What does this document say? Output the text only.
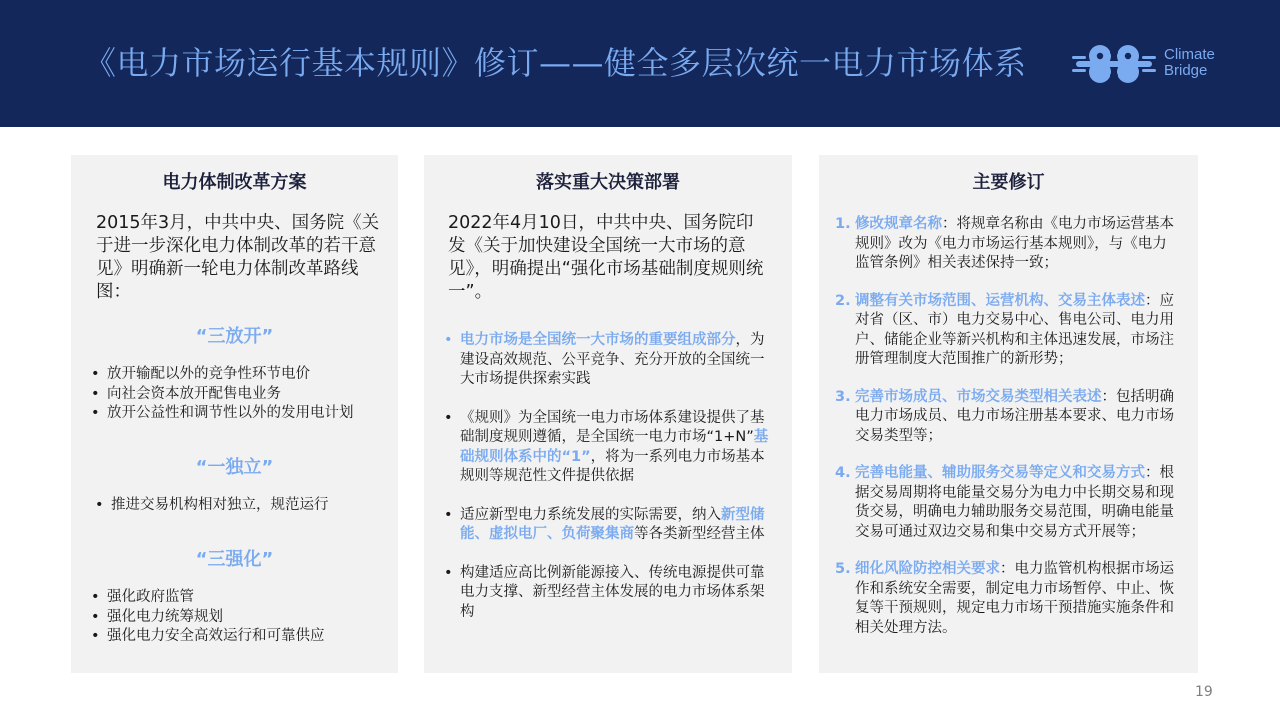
《电力市场运行基本规则》修订——健全多层次统一电力市场体系	Climate
Bridge
电力体制改革方案
2015年3月，中共中央、国务院《关于进一步深化电力体制改革的若干意见》明确新一轮电力体制改革路线图：
“三放开”
• 放开输配以外的竞争性环节电价
• 向社会资本放开配售电业务
• 放开公益性和调节性以外的发用电计划
“一独立”
• 推进交易机构相对独立，规范运行
“三强化”
• 强化政府监管
• 强化电力统筹规划
• 强化电力安全高效运行和可靠供应
落实重大决策部署
2022年4月10日，中共中央、国务院印发《关于加快建设全国统一大市场的意见》，明确提出“强化市场基础制度规则统一”。
• 电力市场是全国统一大市场的重要组成部分，为建设高效规范、公平竞争、充分开放的全国统一大市场提供探索实践
• 《规则》为全国统一电力市场体系建设提供了基础制度规则遵循，是全国统一电力市场“1+N”基础规则体系中的“1”，将为一系列电力市场基本规则等规范性文件提供依据
• 适应新型电力系统发展的实际需要，纳入新型储能、虚拟电厂、负荷聚集商等各类新型经营主体
• 构建适应高比例新能源接入、传统电源提供可靠电力支撑、新型经营主体发展的电力市场体系架构
主要修订
1. 修改规章名称：将规章名称由《电力市场运营基本规则》改为《电力市场运行基本规则》，与《电力监管条例》相关表述保持一致；
2. 调整有关市场范围、运营机构、交易主体表述：应对省（区、市）电力交易中心、售电公司、电力用户、储能企业等新兴机构和主体迅速发展，市场注册管理制度大范围推广的新形势；
3. 完善市场成员、市场交易类型相关表述：包括明确电力市场成员、电力市场注册基本要求、电力市场交易类型等；
4. 完善电能量、辅助服务交易等定义和交易方式：根据交易周期将电能量交易分为电力中长期交易和现货交易，明确电力辅助服务交易范围，明确电能量交易可通过双边交易和集中交易方式开展等；
5. 细化风险防控相关要求：电力监管机构根据市场运作和系统安全需要，制定电力市场暂停、中止、恢复等干预规则，规定电力市场干预措施实施条件和相关处理方法。
19
